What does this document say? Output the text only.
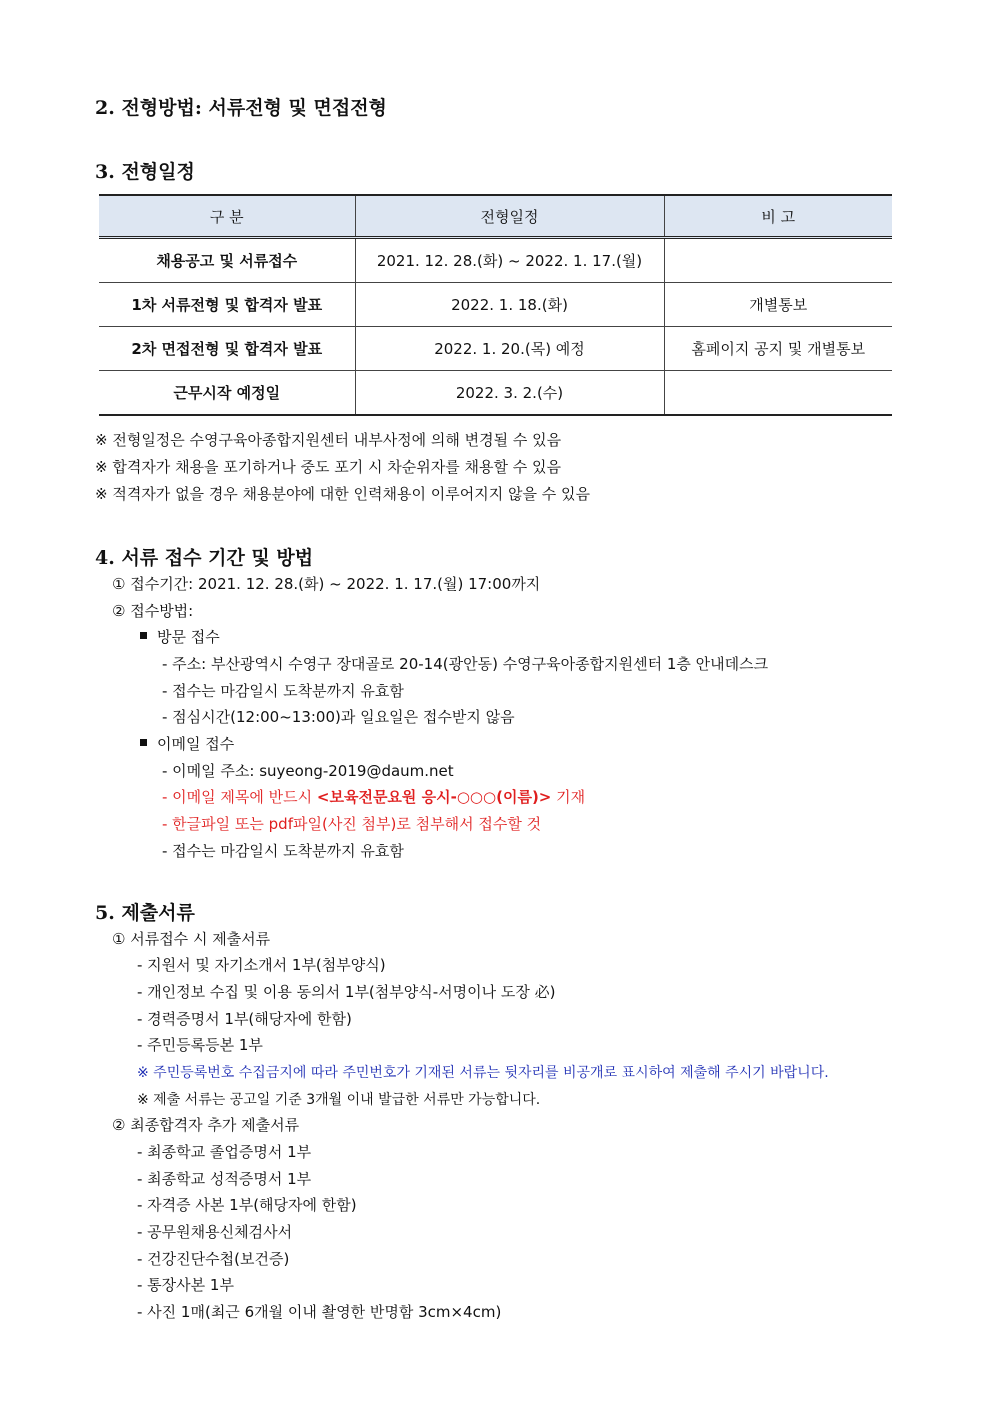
2. 전형방법: 서류전형 및 면접전형
3. 전형일정
구 분	전형일정	비 고
채용공고 및 서류접수	2021. 12. 28.(화) ~ 2022. 1. 17.(월)	
1차 서류전형 및 합격자 발표	2022. 1. 18.(화)	개별통보
2차 면접전형 및 합격자 발표	2022. 1. 20.(목) 예정	홈페이지 공지 및 개별통보
근무시작 예정일	2022. 3. 2.(수)	
※ 전형일정은 수영구육아종합지원센터 내부사정에 의해 변경될 수 있음
※ 합격자가 채용을 포기하거나 중도 포기 시 차순위자를 채용할 수 있음
※ 적격자가 없을 경우 채용분야에 대한 인력채용이 이루어지지 않을 수 있음
4. 서류 접수 기간 및 방법
① 접수기간: 2021. 12. 28.(화) ~ 2022. 1. 17.(월) 17:00까지
② 접수방법:
방문 접수
- 주소: 부산광역시 수영구 장대골로 20-14(광안동) 수영구육아종합지원센터 1층 안내데스크
- 접수는 마감일시 도착분까지 유효함
- 점심시간(12:00~13:00)과 일요일은 접수받지 않음
이메일 접수
- 이메일 주소: suyeong-2019@daum.net
- 이메일 제목에 반드시 <보육전문요원 응시-○○○(이름)> 기재
- 한글파일 또는 pdf파일(사진 첨부)로 첨부해서 접수할 것
- 접수는 마감일시 도착분까지 유효함
5. 제출서류
① 서류접수 시 제출서류
- 지원서 및 자기소개서 1부(첨부양식)
- 개인정보 수집 및 이용 동의서 1부(첨부양식-서명이나 도장 必)
- 경력증명서 1부(해당자에 한함)
- 주민등록등본 1부
※ 주민등록번호 수집금지에 따라 주민번호가 기재된 서류는 뒷자리를 비공개로 표시하여 제출해 주시기 바랍니다.
※ 제출 서류는 공고일 기준 3개월 이내 발급한 서류만 가능합니다.
② 최종합격자 추가 제출서류
- 최종학교 졸업증명서 1부
- 최종학교 성적증명서 1부
- 자격증 사본 1부(해당자에 한함)
- 공무원채용신체검사서
- 건강진단수첩(보건증)
- 통장사본 1부
- 사진 1매(최근 6개월 이내 촬영한 반명함 3cm×4cm)
